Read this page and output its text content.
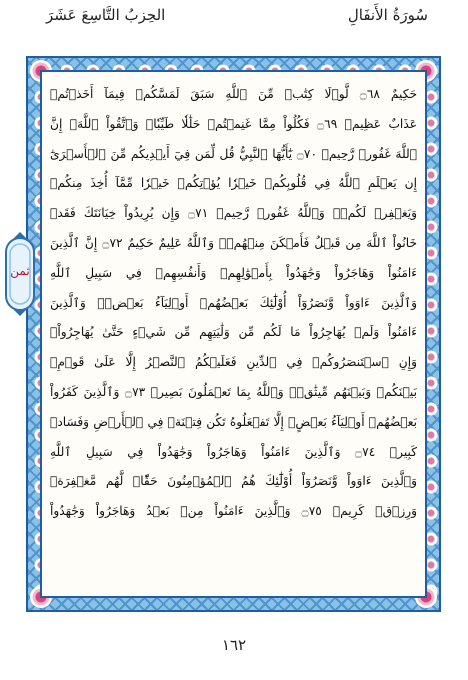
سُورَةُ الأَنفَالِ
الحِزبُ التَّاسِعَ عَشَرَ
حَكِيمٌ ۝٦٨ لَّوۡلَا كِتَٰبٞ مِّنَ ٱللَّهِ سَبَقَ لَمَسَّكُمۡ فِيمَآ أَخَذۡتُمۡ
عَذَابٌ عَظِيمٞ ۝٦٩ فَكُلُواْ مِمَّا غَنِمۡتُمۡ حَلَٰلٗا طَيِّبٗاۚ وَٱتَّقُواْ ٱللَّهَۚ إِنَّ
ٱللَّهَ غَفُورٞ رَّحِيمٞ ۝٧٠ يَٰٓأَيُّهَا ٱلنَّبِيُّ قُل لِّمَن فِيٓ أَيۡدِيكُم مِّنَ ٱلۡأَسۡرَىٰٓ
إِن يَعۡلَمِ ٱللَّهُ فِي قُلُوبِكُمۡ خَيۡرٗا يُؤۡتِكُمۡ خَيۡرٗا مِّمَّآ أُخِذَ مِنكُمۡ
وَيَغۡفِرۡ لَكُمۡۚ وَٱللَّهُ غَفُورٞ رَّحِيمٞ ۝٧١ وَإِن يُرِيدُواْ خِيَانَتَكَ فَقَدۡ
خَانُواْ ٱللَّهَ مِن قَبۡلُ فَأَمۡكَنَ مِنۡهُمۡۗ وَٱللَّهُ عَلِيمٌ حَكِيمٌ ۝٧٢ إِنَّ ٱلَّذِينَ
ءَامَنُواْ وَهَاجَرُواْ وَجَٰهَدُواْ بِأَمۡوَٰلِهِمۡ وَأَنفُسِهِمۡ فِي سَبِيلِ ٱللَّهِ
وَٱلَّذِينَ ءَاوَواْ وَّنَصَرُوٓاْ أُوْلَٰٓئِكَ بَعۡضُهُمۡ أَوۡلِيَآءُ بَعۡضٖۚ وَٱلَّذِينَ
ءَامَنُواْ وَلَمۡ يُهَاجِرُواْ مَا لَكُم مِّن وَلَٰيَتِهِم مِّن شَيۡءٍ حَتَّىٰ يُهَاجِرُواْۚ
وَإِنِ ٱسۡتَنصَرُوكُمۡ فِي ٱلدِّينِ فَعَلَيۡكُمُ ٱلنَّصۡرُ إِلَّا عَلَىٰ قَوۡمِۭ
بَيۡنَكُمۡ وَبَيۡنَهُم مِّيثَٰقٞۗ وَٱللَّهُ بِمَا تَعۡمَلُونَ بَصِيرٞ ۝٧٣ وَٱلَّذِينَ كَفَرُواْ
بَعۡضُهُمۡ أَوۡلِيَآءُ بَعۡضٍۚ إِلَّا تَفۡعَلُوهُ تَكُن فِتۡنَةٞ فِي ٱلۡأَرۡضِ وَفَسَادٞ
كَبِيرٞ ۝٧٤ وَٱلَّذِينَ ءَامَنُواْ وَهَاجَرُواْ وَجَٰهَدُواْ فِي سَبِيلِ ٱللَّهِ
وَٱلَّذِينَ ءَاوَواْ وَّنَصَرُوٓاْ أُوْلَٰٓئِكَ هُمُ ٱلۡمُؤۡمِنُونَ حَقّٗاۚ لَّهُم مَّغۡفِرَةٞ
وَرِزۡقٞ كَرِيمٞ ۝٧٥ وَٱلَّذِينَ ءَامَنُواْ مِنۢ بَعۡدُ وَهَاجَرُواْ وَجَٰهَدُواْ
ثمن
١٦٢
